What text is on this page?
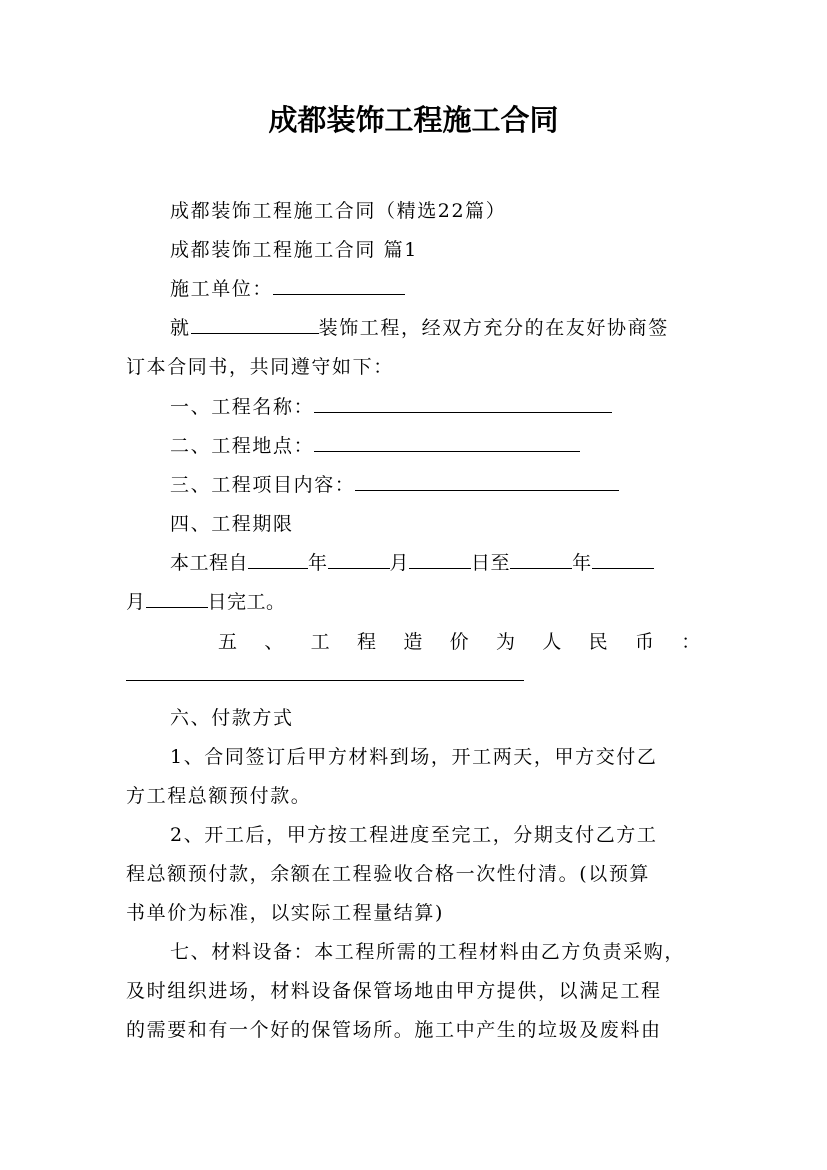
成都装饰工程施工合同
成都装饰工程施工合同（精选22篇）
成都装饰工程施工合同 篇1
施工单位：
就	装饰工程，经双方充分的在友好协商签
订本合同书，共同遵守如下：
一、工程名称：
二、工程地点：
三、工程项目内容：
四、工程期限
本工程自	年	月	日至	年
月	日完工。
五 、 工 程 造 价 为 人 民 币 ：
六、付款方式
1、合同签订后甲方材料到场，开工两天，甲方交付乙
方工程总额预付款。
2、开工后，甲方按工程进度至完工，分期支付乙方工
程总额预付款，余额在工程验收合格一次性付清。(以预算
书单价为标准，以实际工程量结算)
七、材料设备：本工程所需的工程材料由乙方负责采购，
及时组织进场，材料设备保管场地由甲方提供，以满足工程
的需要和有一个好的保管场所。施工中产生的垃圾及废料由
